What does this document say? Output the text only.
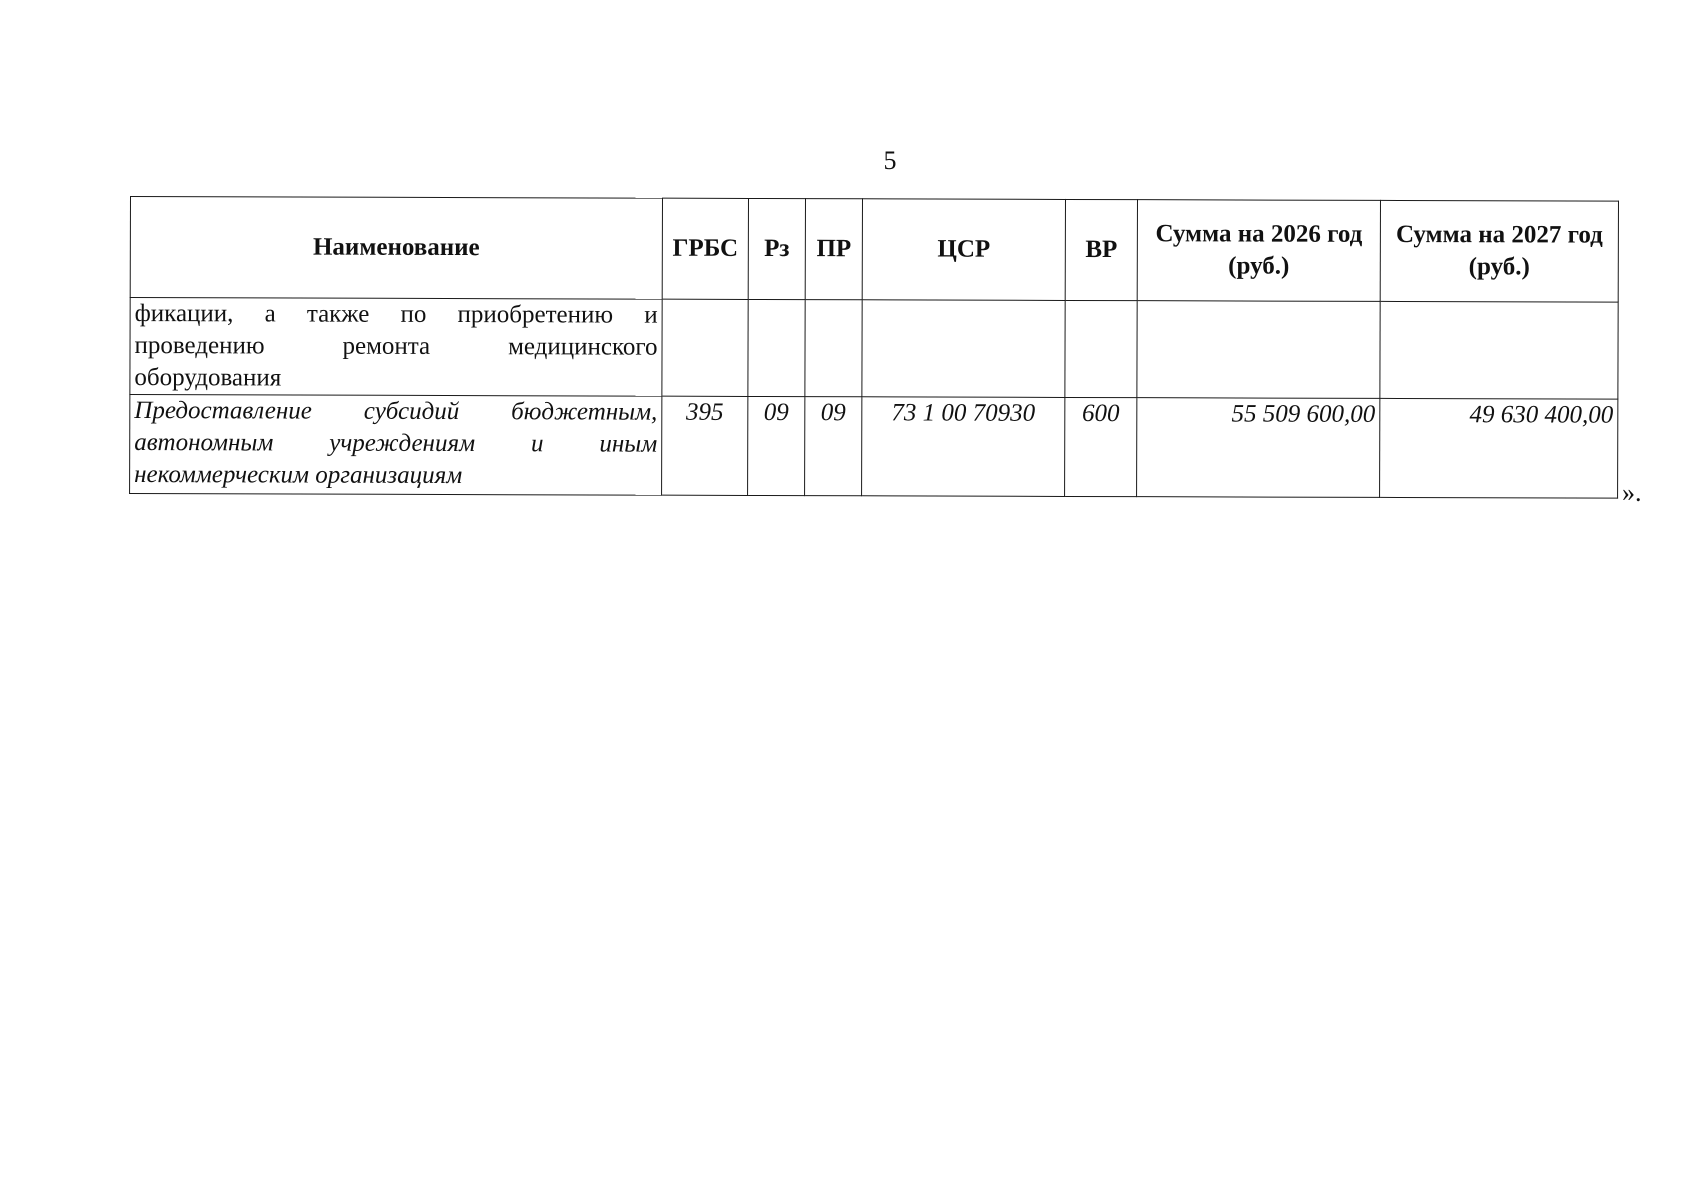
5
Наименование	ГРБС	Рз	ПР	ЦСР	ВР	Сумма на 2026 год (руб.)	Сумма на 2027 год (руб.)
фикации, а также по приобретению и проведению ремонта медицинского оборудования							
Предоставление субсидий бюджетным, автономным учреждениям и иным некоммерческим организациям	395	09	09	73 1 00 70930	600	55 509 600,00	49 630 400,00
».
